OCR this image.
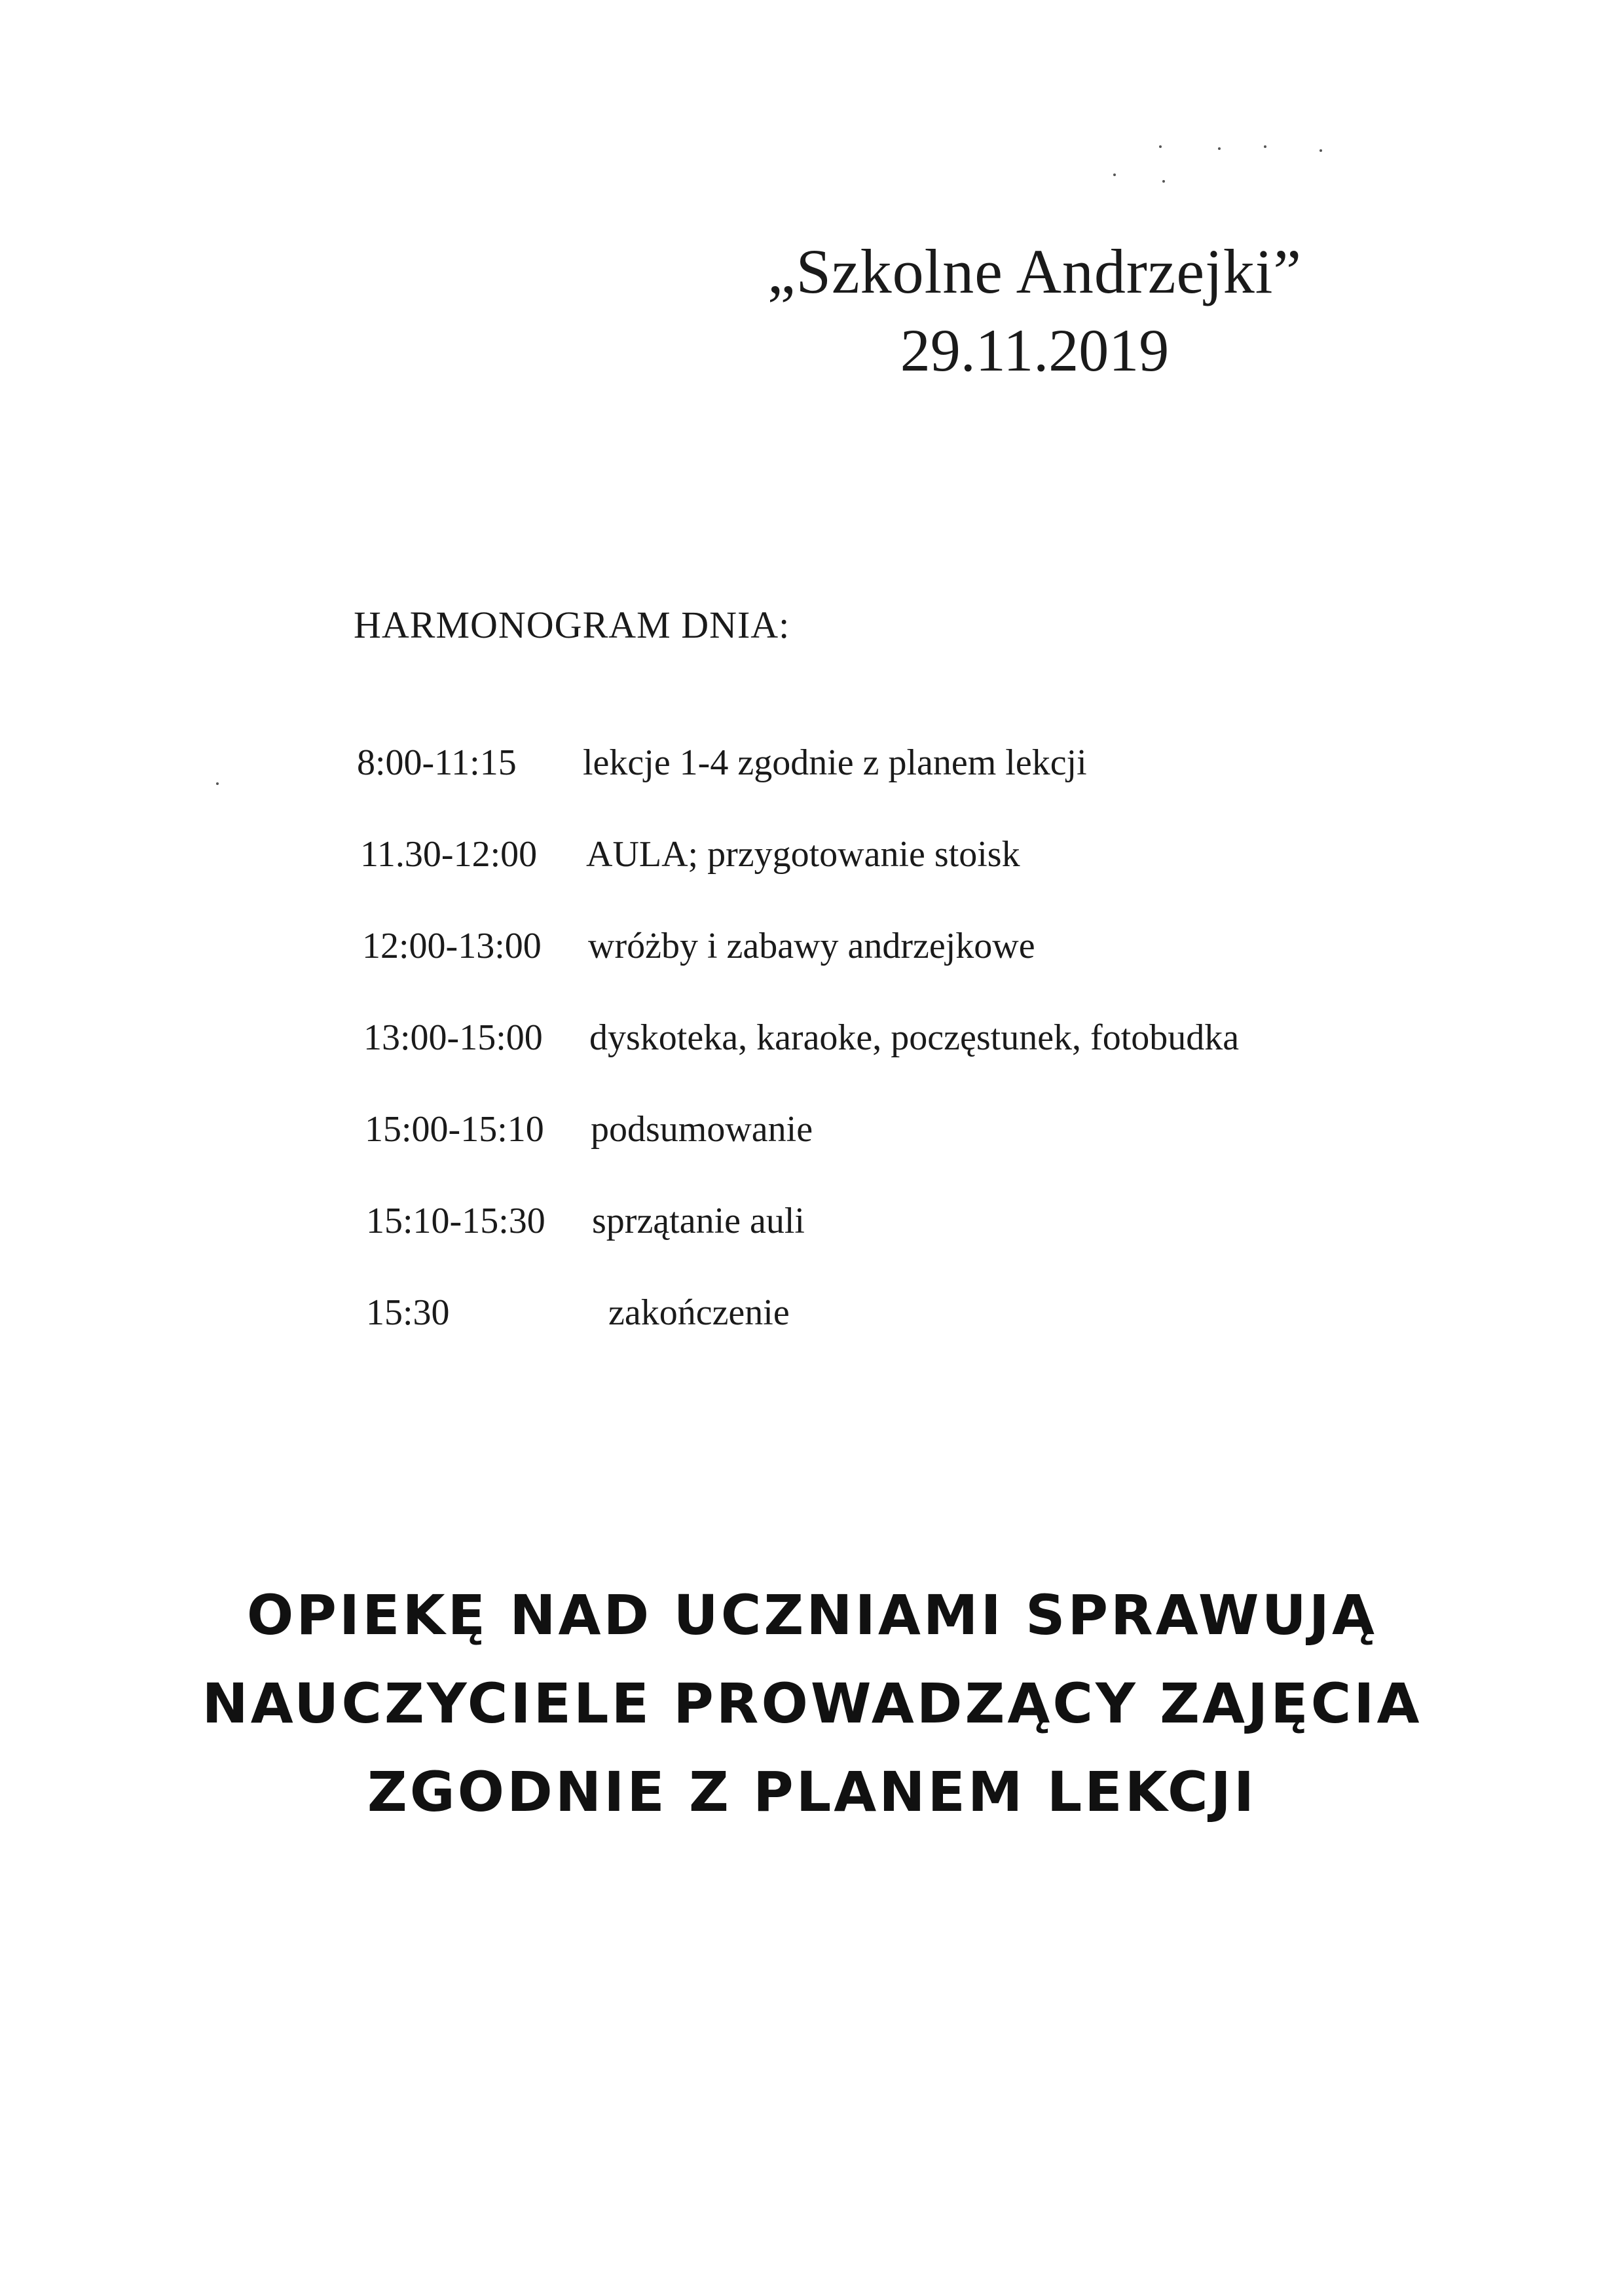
„Szkolne Andrzejki”
29.11.2019
HARMONOGRAM DNIA:
8:00-11:15	lekcje 1-4 zgodnie z planem lekcji
11.30-12:00	AULA; przygotowanie stoisk
12:00-13:00	wróżby i zabawy andrzejkowe
13:00-15:00	dyskoteka, karaoke, poczęstunek, fotobudka
15:00-15:10	podsumowanie
15:10-15:30	sprzątanie auli
15:30	zakończenie
OPIEKĘ NAD UCZNIAMI SPRAWUJĄ
NAUCZYCIELE PROWADZĄCY ZAJĘCIA
ZGODNIE Z PLANEM LEKCJI
